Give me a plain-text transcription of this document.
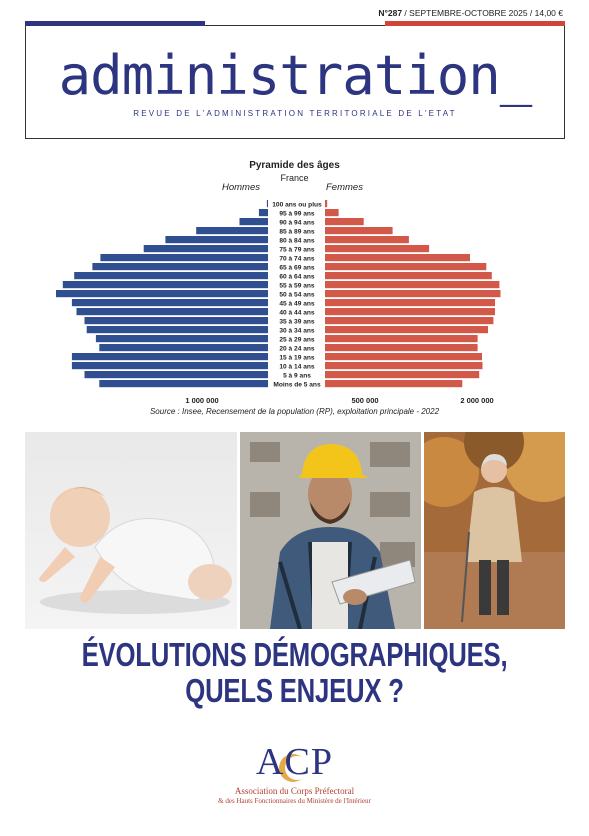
N°287 / SEPTEMBRE-OCTOBRE 2025 / 14,00 €
administration_
REVUE DE L'ADMINISTRATION TERRITORIALE DE L'ETAT
Pyramide des âges
France
Hommes	Femmes
100 ans ou plus
95 à 99 ans
90 à 94 ans
85 à 89 ans
80 à 84 ans
75 à 79 ans
70 à 74 ans
65 à 69 ans
60 à 64 ans
55 à 59 ans
50 à 54 ans
45 à 49 ans
40 à 44 ans
35 à 39 ans
30 à 34 ans
25 à 29 ans
20 à 24 ans
15 à 19 ans
10 à 14 ans
5 à 9 ans
Moins de 5 ans
1 000 000	500 000	2 000 000
Source : Insee, Recensement de la population (RP), exploitation principale - 2022
ÉVOLUTIONS DÉMOGRAPHIQUES,
QUELS ENJEUX ?
ACP
Association du Corps Préfectoral
& des Hauts Fonctionnaires du Ministère de l'Intérieur
